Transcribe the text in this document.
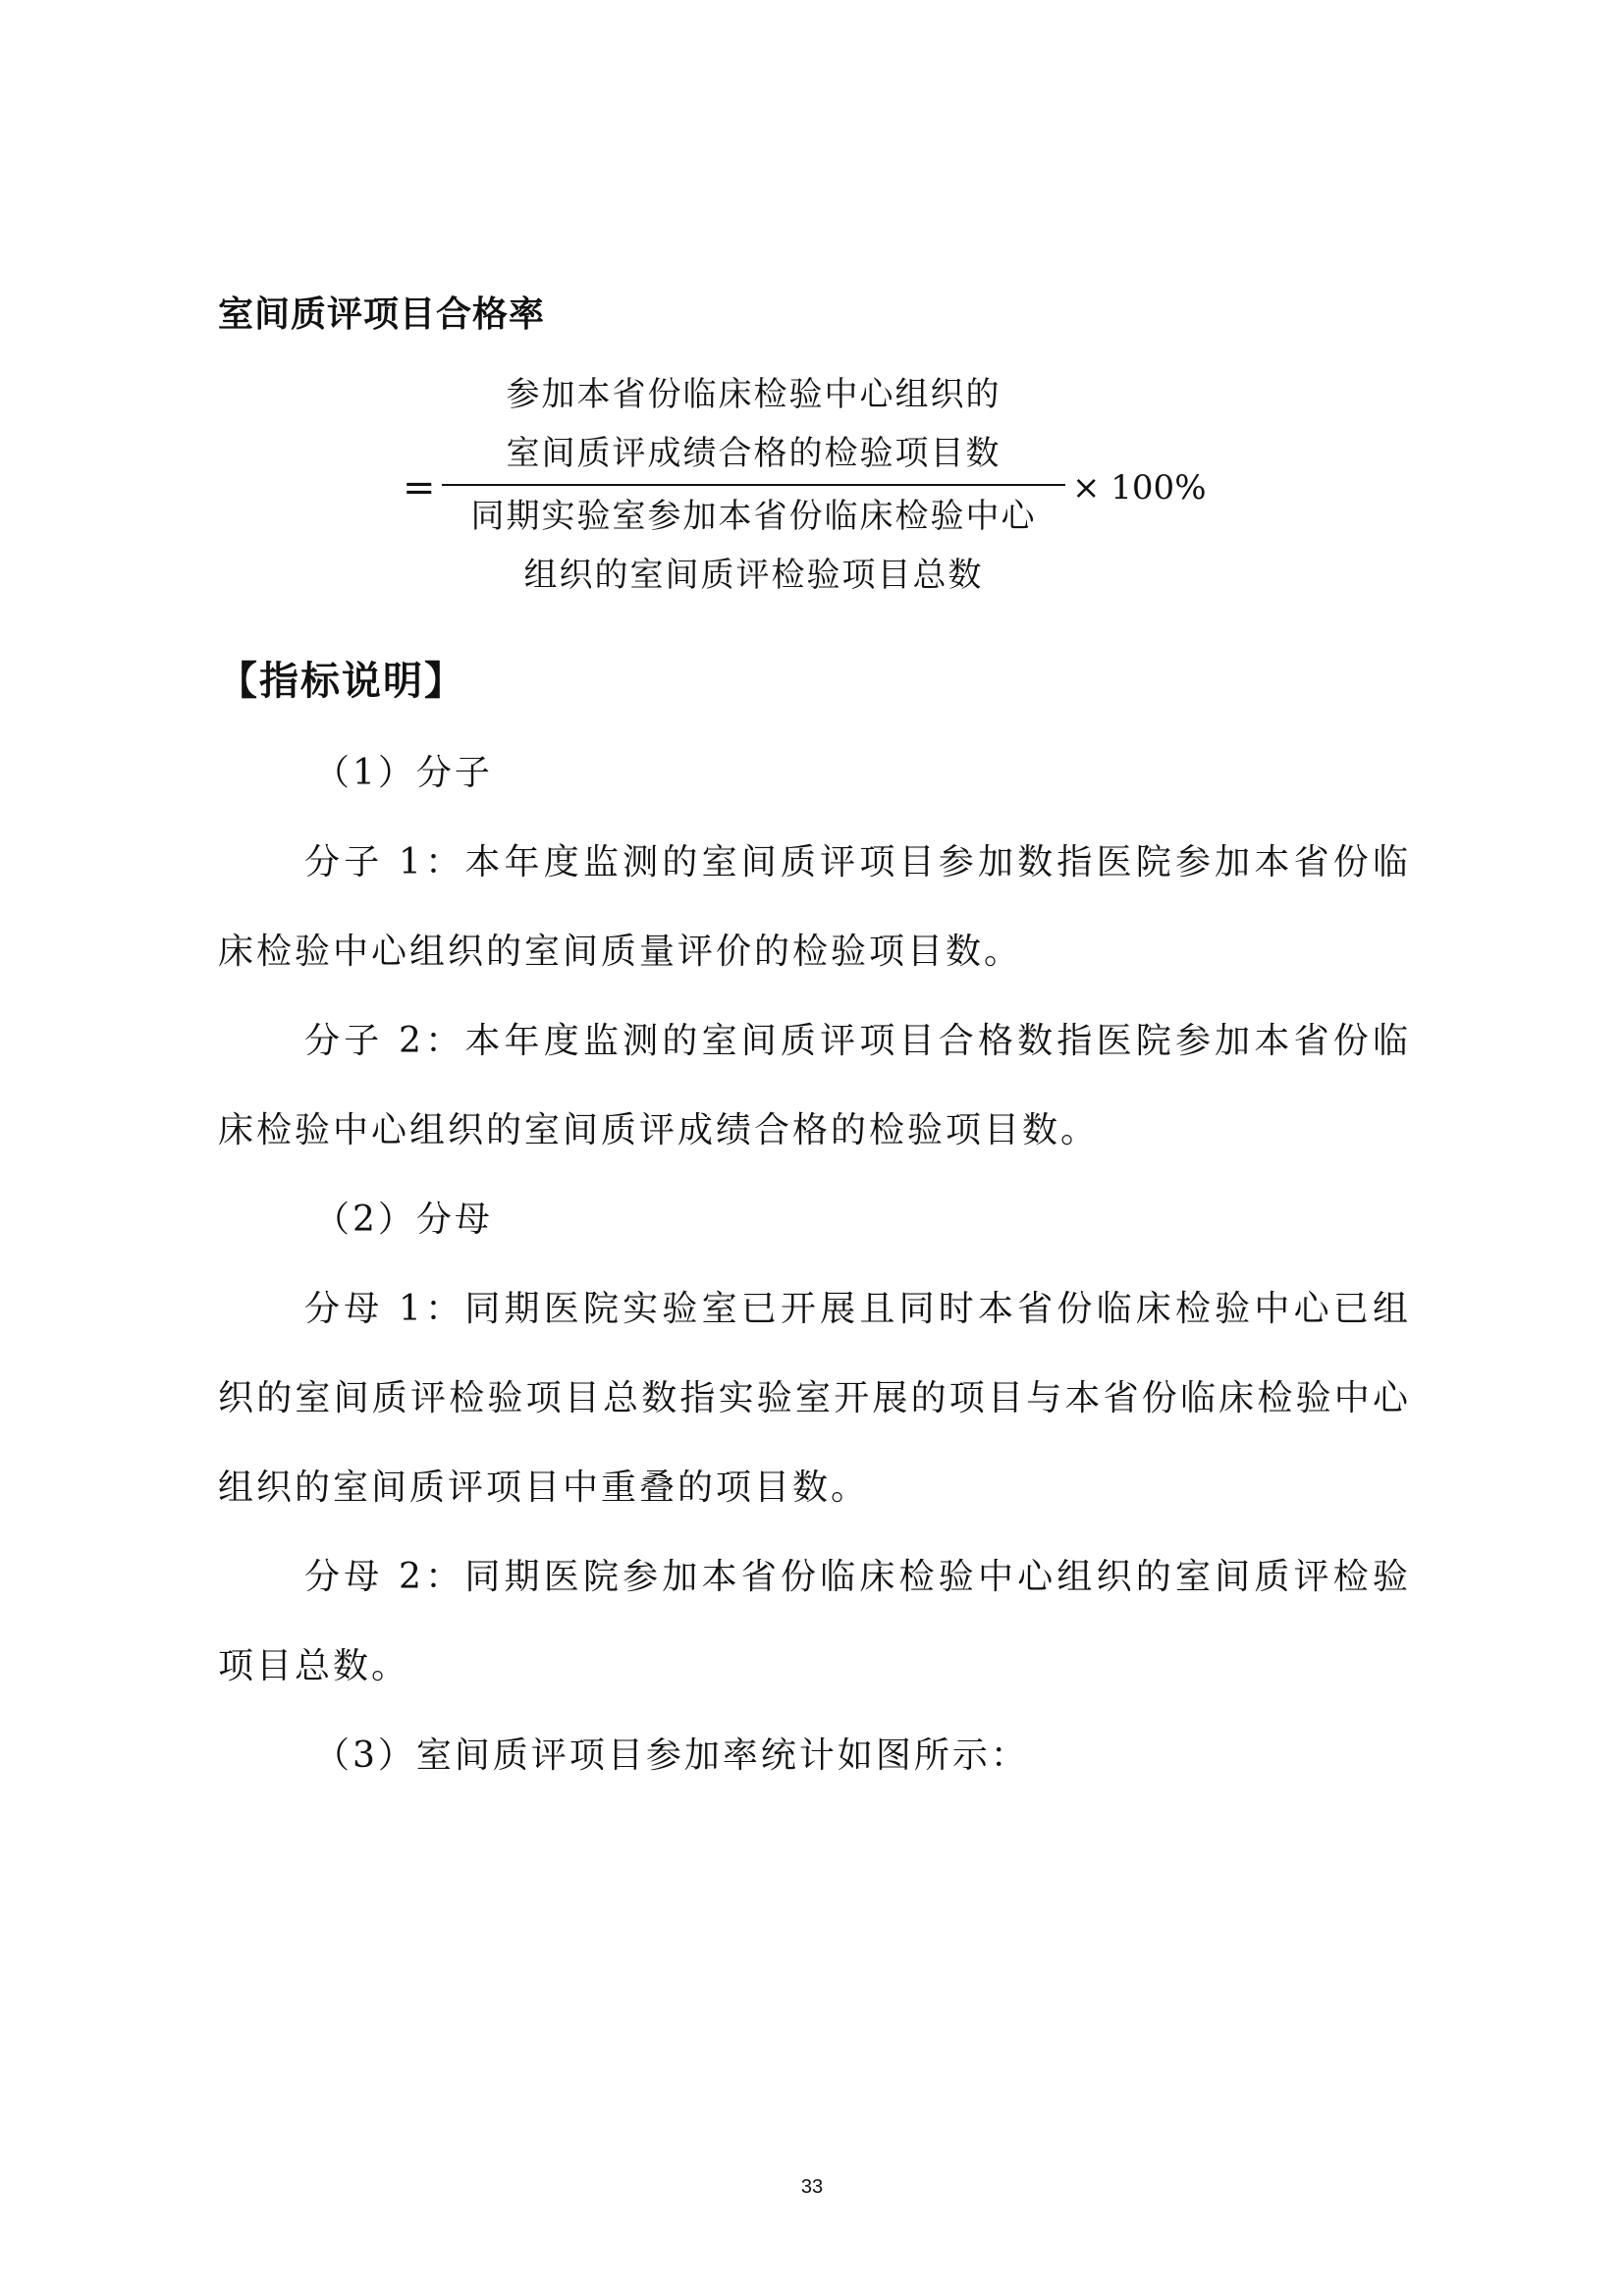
室间质评项目合格率
=
参加本省份临床检验中心组织的
室间质评成绩合格的检验项目数
同期实验室参加本省份临床检验中心
组织的室间质评检验项目总数
× 100%
【指标说明】
（1）分子
分子 1：本年度监测的室间质评项目参加数指医院参加本省份临床检验中心组织的室间质量评价的检验项目数。
分子 2：本年度监测的室间质评项目合格数指医院参加本省份临床检验中心组织的室间质评成绩合格的检验项目数。
（2）分母
分母 1：同期医院实验室已开展且同时本省份临床检验中心已组织的室间质评检验项目总数指实验室开展的项目与本省份临床检验中心组织的室间质评项目中重叠的项目数。
分母 2：同期医院参加本省份临床检验中心组织的室间质评检验项目总数。
（3）室间质评项目参加率统计如图所示：
33
